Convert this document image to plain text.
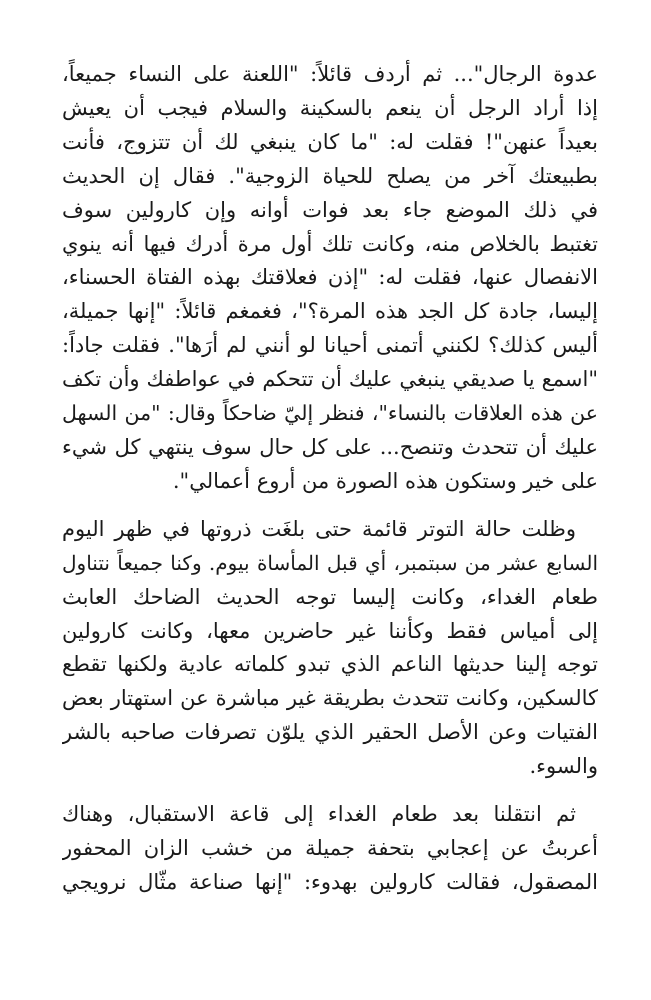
عدوة الرجال"... ثم أردف قائلاً: "اللعنة على النساء جميعاً،
إذا أراد الرجل أن ينعم بالسكينة والسلام فيجب أن يعيش
بعيداً عنهن"! فقلت له: "ما كان ينبغي لك أن تتزوج، فأنت
بطبيعتك آخر من يصلح للحياة الزوجية". فقال إن الحديث
في ذلك الموضع جاء بعد فوات أوانه وإن كارولين سوف
تغتبط بالخلاص منه، وكانت تلك أول مرة أدرك فيها أنه ينوي
الانفصال عنها، فقلت له: "إذن فعلاقتك بهذه الفتاة الحسناء،
إليسا، جادة كل الجد هذه المرة؟"، فغمغم قائلاً: "إنها جميلة،
أليس كذلك؟ لكنني أتمنى أحيانا لو أنني لم أرَها". فقلت جاداً:
"اسمع يا صديقي ينبغي عليك أن تتحكم في عواطفك وأن تكف
عن هذه العلاقات بالنساء"، فنظر إليّ ضاحكاً وقال: "من السهل
عليك أن تتحدث وتنصح... على كل حال سوف ينتهي كل شيء
على خير وستكون هذه الصورة من أروع أعمالي".

وظلت حالة التوتر قائمة حتى بلغَت ذروتها في ظهر اليوم
السابع عشر من سبتمبر، أي قبل المأساة بيوم. وكنا جميعاً نتناول
طعام الغداء، وكانت إليسا توجه الحديث الضاحك العابث
إلى أمياس فقط وكأننا غير حاضرين معها، وكانت كارولين
توجه إلينا حديثها الناعم الذي تبدو كلماته عادية ولكنها تقطع
كالسكين، وكانت تتحدث بطريقة غير مباشرة عن استهتار بعض
الفتيات وعن الأصل الحقير الذي يلوّن تصرفات صاحبه بالشر
والسوء.

ثم انتقلنا بعد طعام الغداء إلى قاعة الاستقبال، وهناك
أعربتُ عن إعجابي بتحفة جميلة من خشب الزان المحفور
المصقول، فقالت كارولين بهدوء: "إنها صناعة مثّال نرويجي
